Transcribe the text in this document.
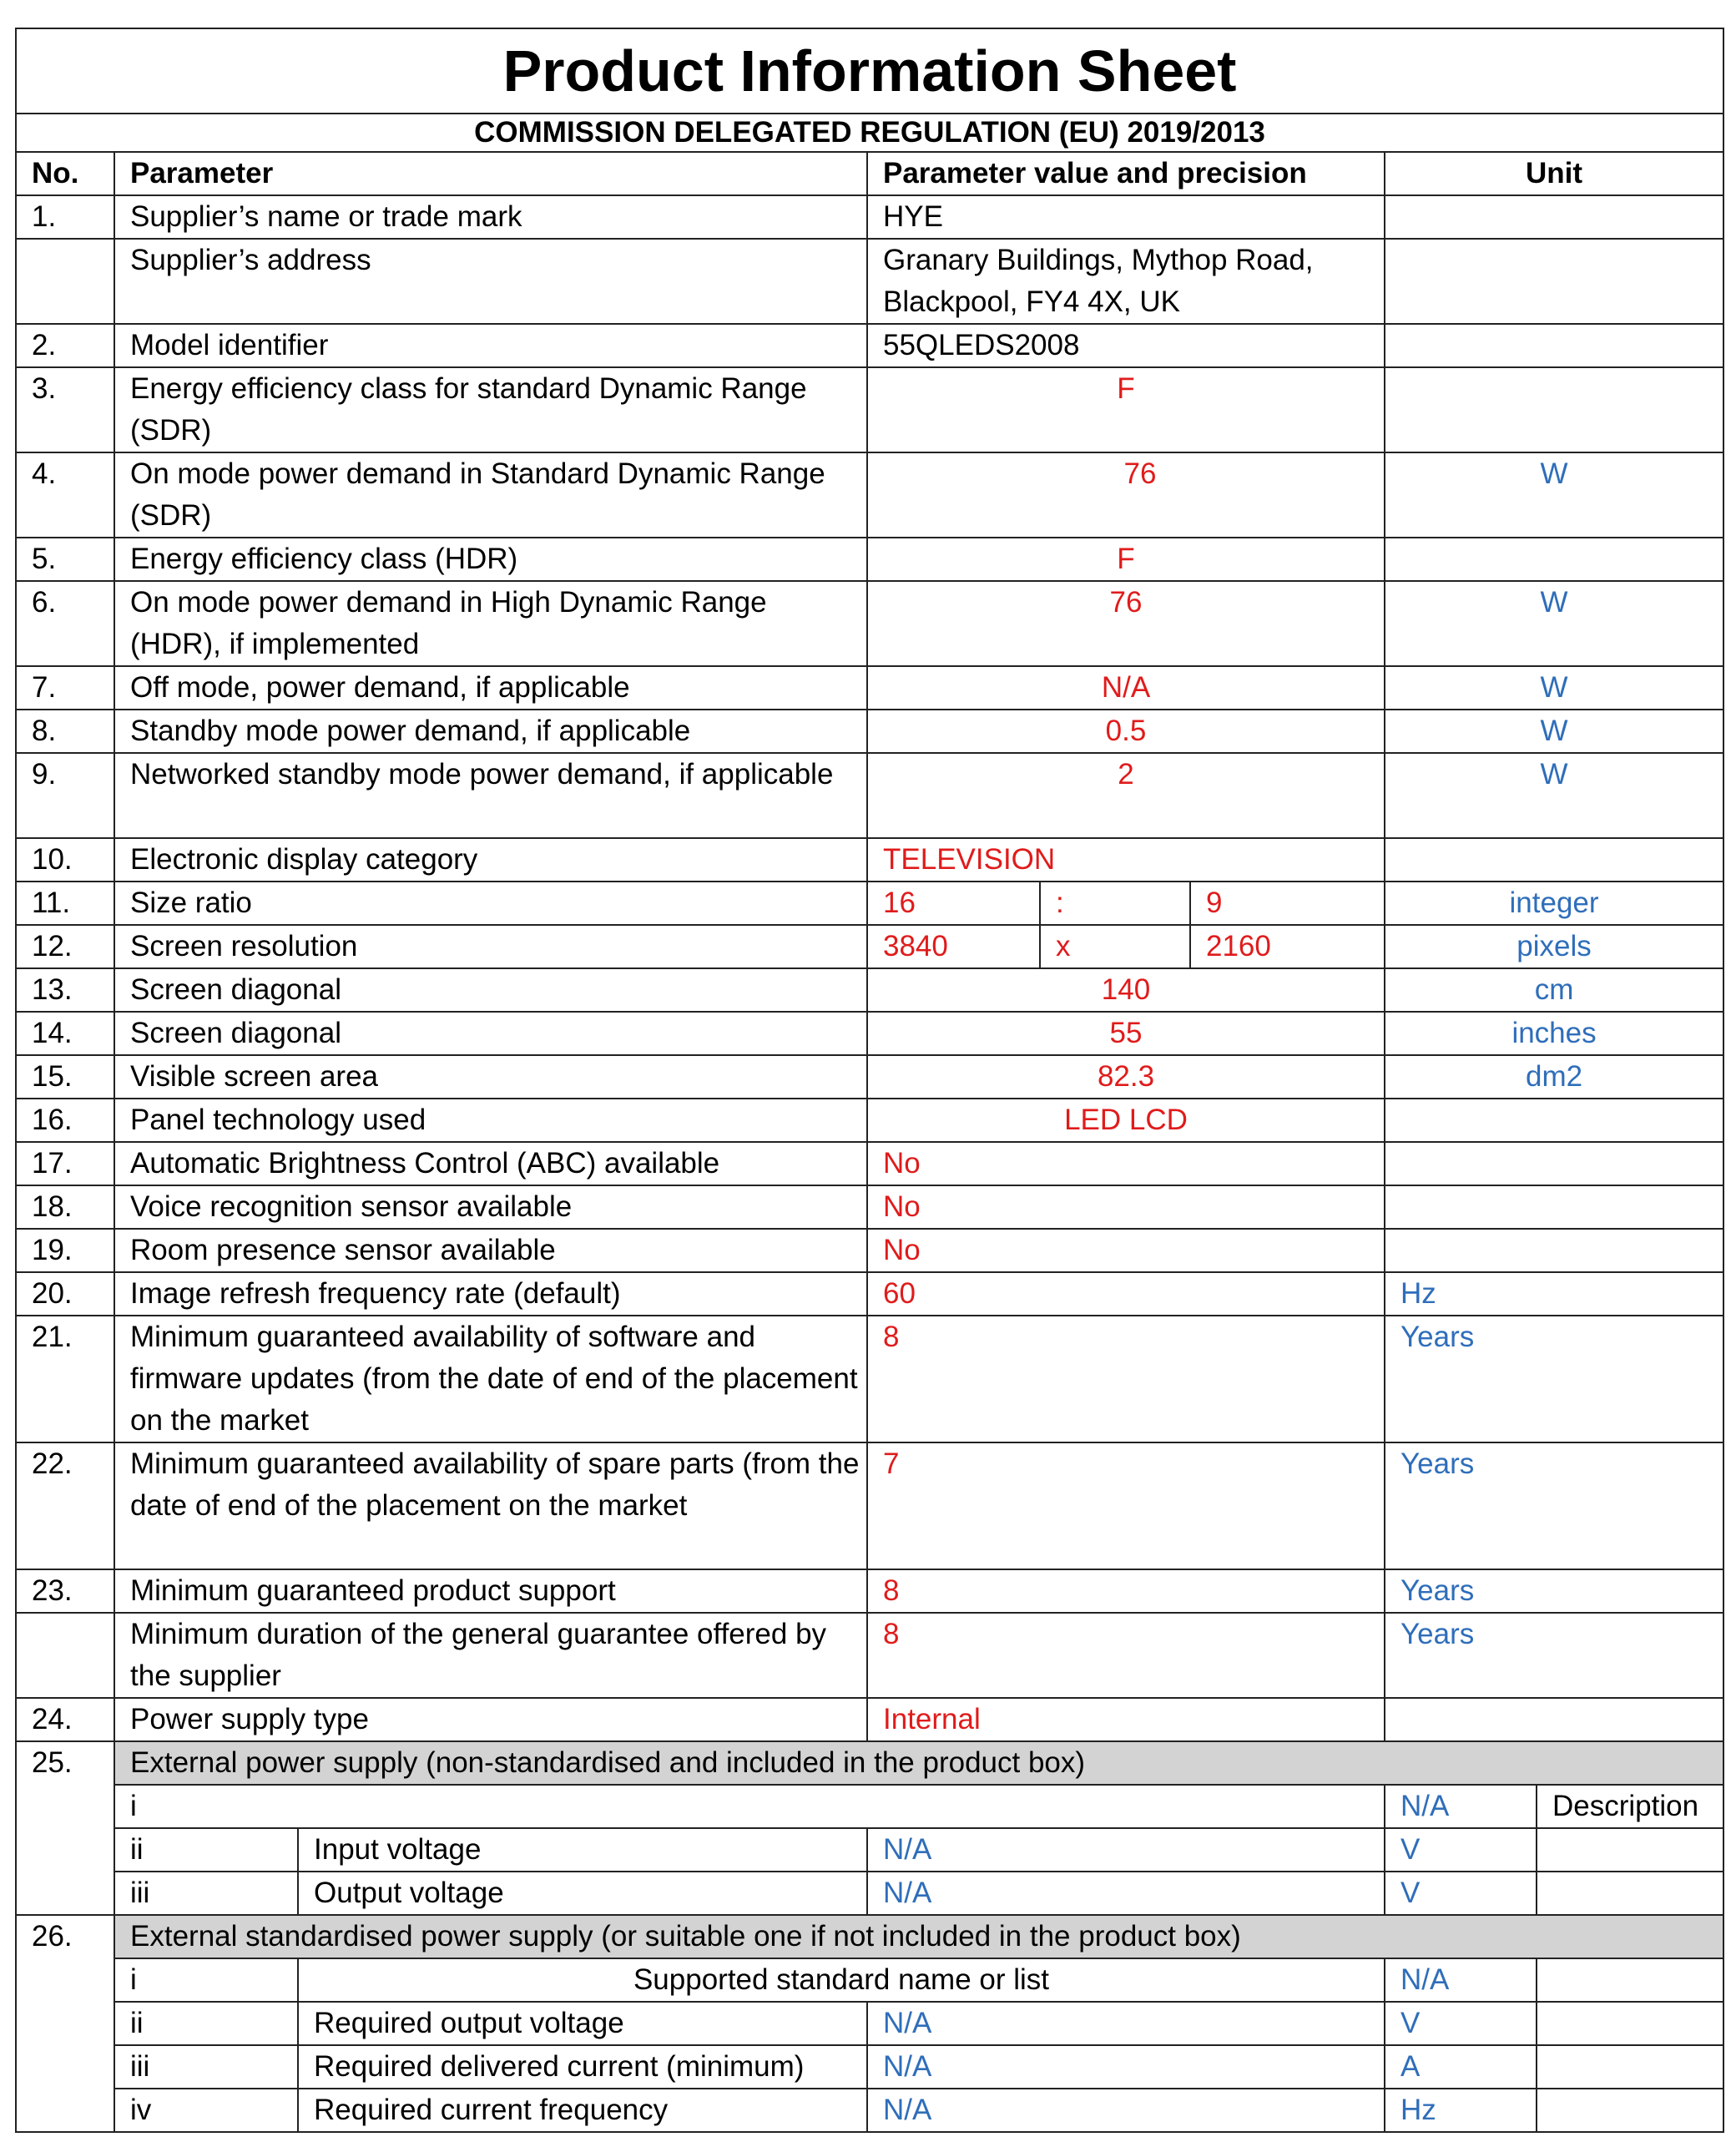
Product Information Sheet							
COMMISSION DELEGATED REGULATION (EU) 2019/2013							
No.	Parameter		Parameter value and precision			Unit	
1.	Supplier’s name or trade mark		HYE				
	Supplier’s address		Granary Buildings, Mythop Road, Blackpool, FY4 4X, UK				
2.	Model identifier		55QLEDS2008				
3.	Energy efficiency class for standard Dynamic Range (SDR)		F				
4.	On mode power demand in Standard Dynamic Range (SDR)		76			W	
5.	Energy efficiency class (HDR)		F				
6.	On mode power demand in High Dynamic Range (HDR), if implemented		76			W	
7.	Off mode, power demand, if applicable		N/A			W	
8.	Standby mode power demand, if applicable		0.5			W	
9.	Networked standby mode power demand, if applicable		2			W	
10.	Electronic display category		TELEVISION				
11.	Size ratio		16	:	9	integer	
12.	Screen resolution		3840	x	2160	pixels	
13.	Screen diagonal		140			cm	
14.	Screen diagonal		55			inches	
15.	Visible screen area		82.3			dm2	
16.	Panel technology used		LED LCD				
17.	Automatic Brightness Control (ABC) available		No				
18.	Voice recognition sensor available		No				
19.	Room presence sensor available		No				
20.	Image refresh frequency rate (default)		60			Hz	
21.	Minimum guaranteed availability of software and firmware updates (from the date of end of the placement on the market		8			Years	
22.	Minimum guaranteed availability of spare parts (from the date of end of the placement on the market		7			Years	
23.	Minimum guaranteed product support		8			Years	
	Minimum duration of the general guarantee offered by the supplier		8			Years	
24.	Power supply type		Internal				
25.	External power supply (non-standardised and included in the product box)						
	i					N/A	Description
	ii	Input voltage	N/A			V	
	iii	Output voltage	N/A			V	
26.	External standardised power supply (or suitable one if not included in the product box)						
	i	Supported standard name or list				N/A	
	ii	Required output voltage	N/A			V	
	iii	Required delivered current (minimum)	N/A			A	
	iv	Required current frequency	N/A			Hz	
